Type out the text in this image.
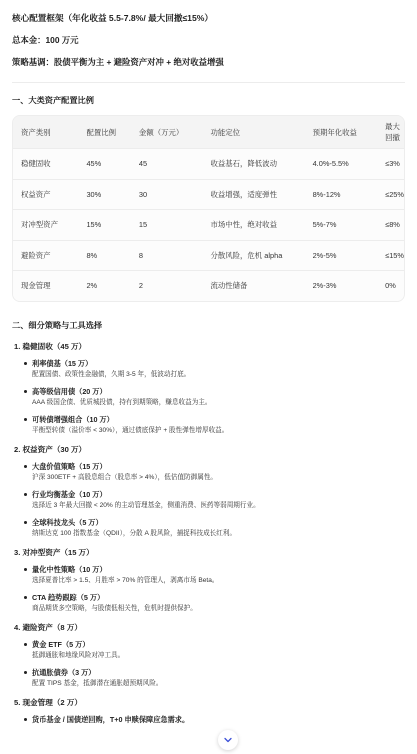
核心配置框架（年化收益 5.5-7.8%/ 最大回撤≤15%）
总本金：100 万元
策略基调：股债平衡为主 + 避险资产对冲 + 绝对收益增强
一、大类资产配置比例
资产类别	配置比例	金额（万元）	功能定位	预期年化收益	最大回撤
稳健固收	45%	45	收益基石，降低波动	4.0%-5.5%	≤3%
权益资产	30%	30	收益增强，适度弹性	8%-12%	≤25%
对冲型资产	15%	15	市场中性，绝对收益	5%-7%	≤8%
避险资产	8%	8	分散风险，危机 alpha	2%-5%	≤15%
现金管理	2%	2	流动性储备	2%-3%	0%
二、细分策略与工具选择
1. 稳健固收（45 万）
利率债基（15 万）
配置国债、政策性金融债，久期 3-5 年，低波动打底。
高等级信用债（20 万）
AAA 级国企债、优质城投债，持有到期策略，赚息收益为主。
可转债增强组合（10 万）
平衡型转债（溢价率 < 30%），通过债底保护 + 股性弹性增厚收益。
2. 权益资产（30 万）
大盘价值策略（15 万）
沪深 300ETF + 高股息组合（股息率 > 4%），低估值防御属性。
行业均衡基金（10 万）
选择近 3 年最大回撤 < 20% 的主动管理基金，侧重消费、医药等弱周期行业。
全球科技龙头（5 万）
纳斯达克 100 指数基金（QDII），分散 A 股风险，捕捉科技成长红利。
3. 对冲型资产（15 万）
量化中性策略（10 万）
选择夏普比率 > 1.5、月胜率 > 70% 的管理人，剥离市场 Beta。
CTA 趋势跟踪（5 万）
商品期货多空策略，与股债低相关性，危机时提供保护。
4. 避险资产（8 万）
黄金 ETF（5 万）
抵御通胀和地缘风险对冲工具。
抗通胀债券（3 万）
配置 TIPS 基金，抵御潜在通胀超预期风险。
5. 现金管理（2 万）
货币基金 / 国债逆回购，T+0 申赎保障应急需求。
